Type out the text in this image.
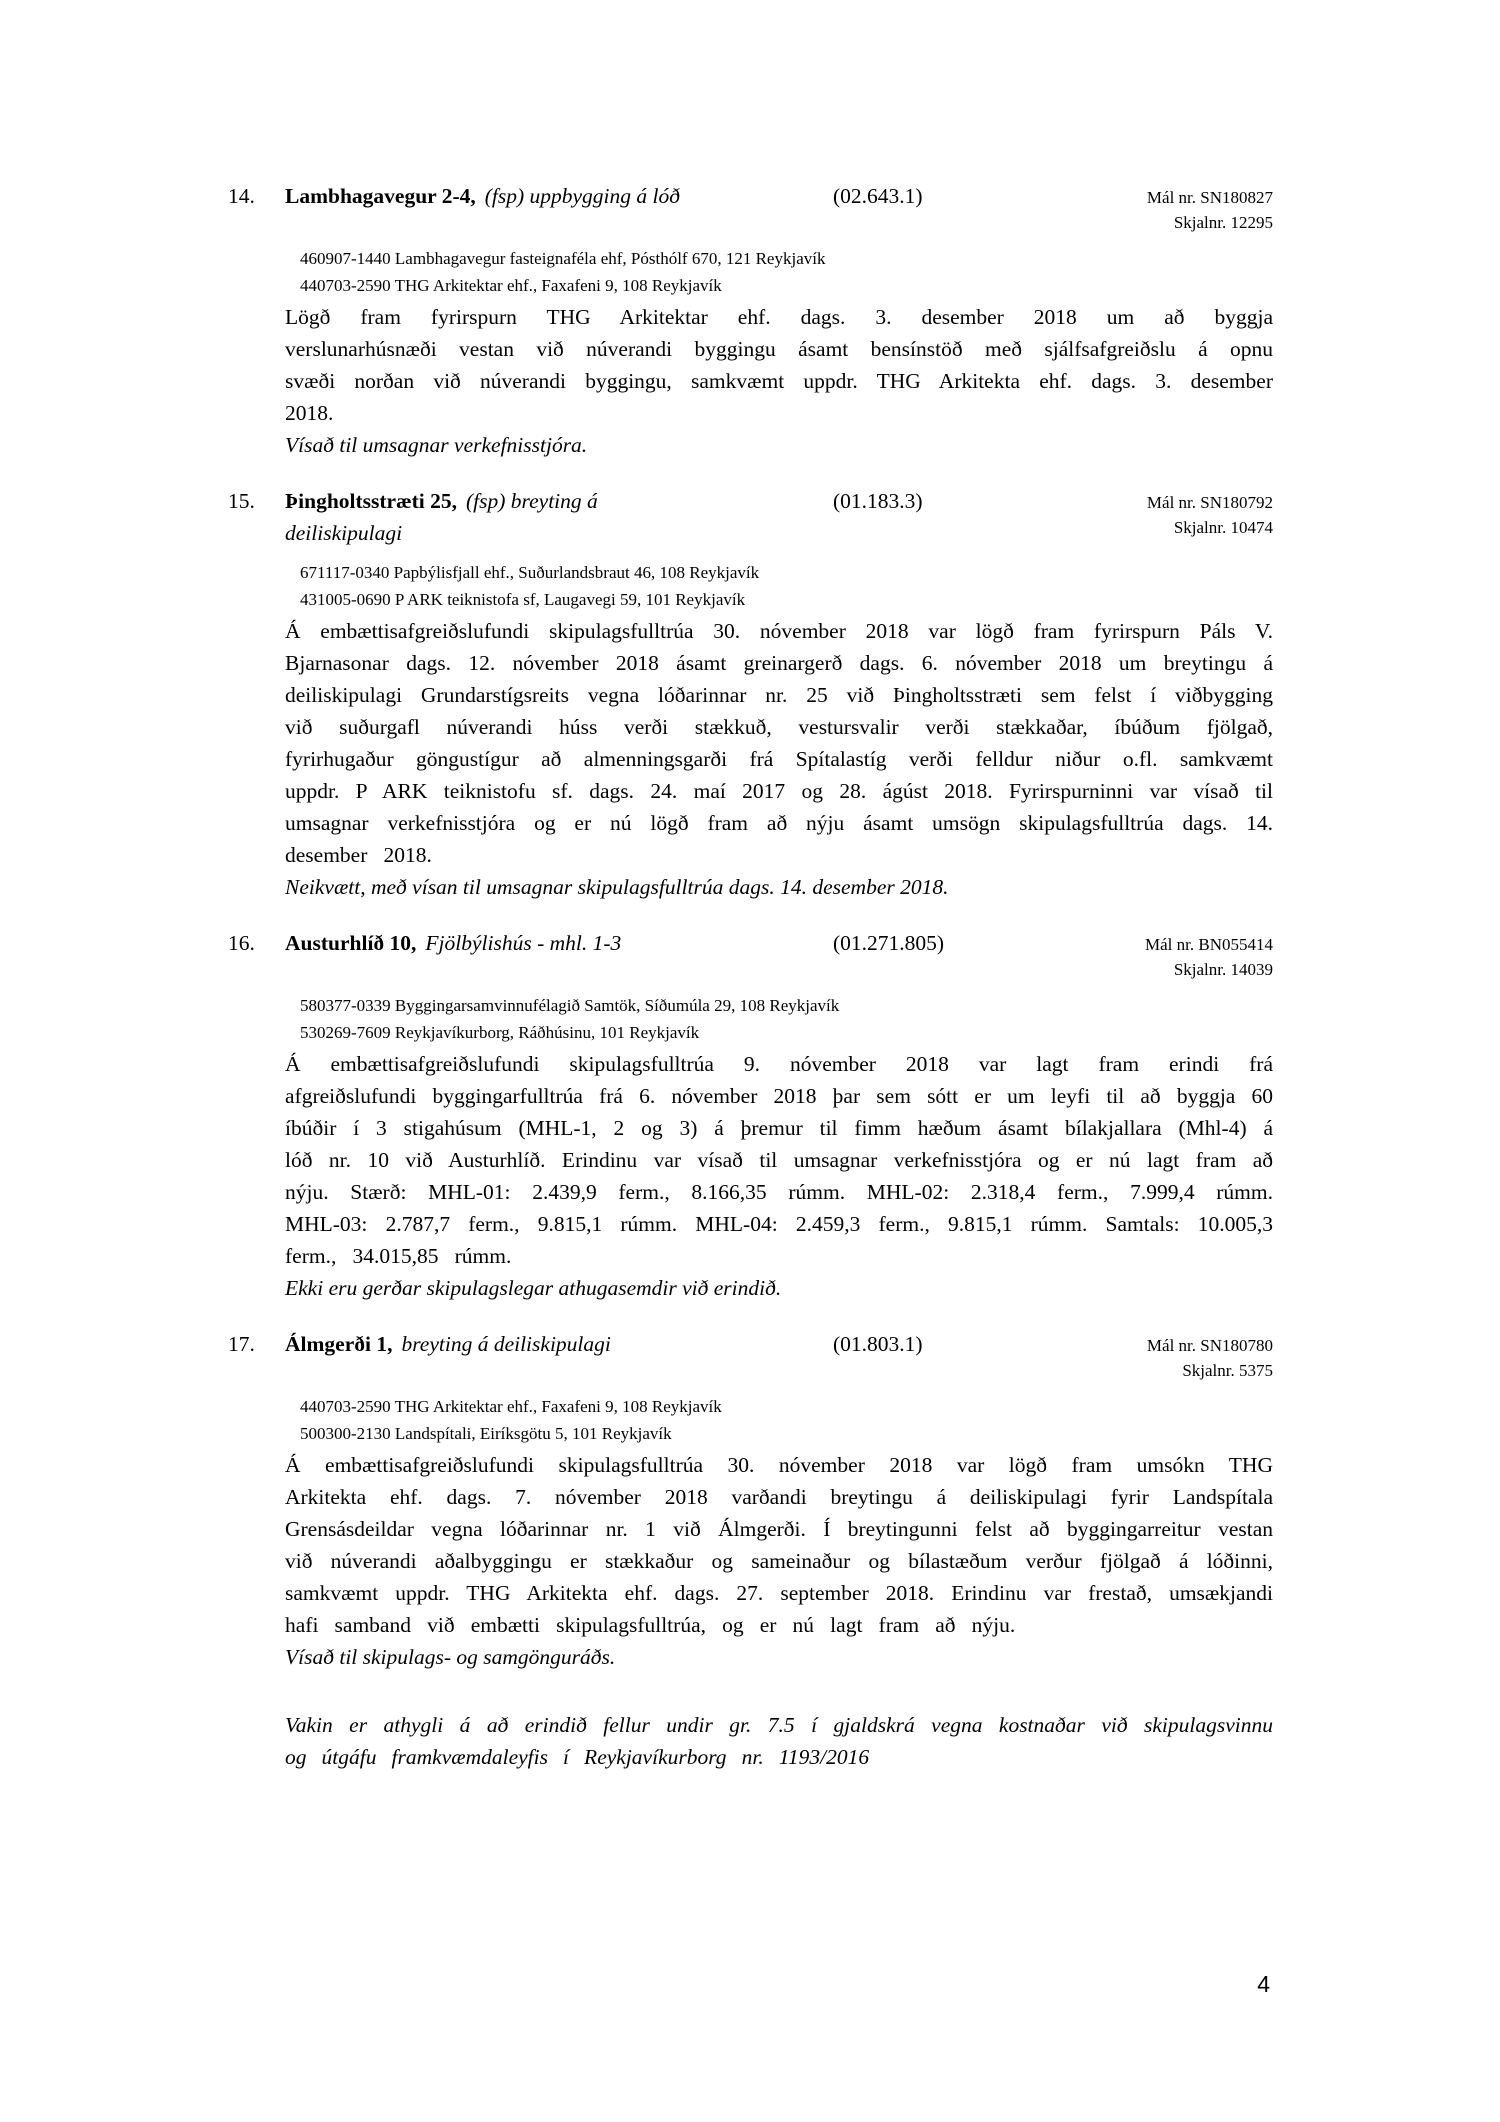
14. Lambhagavegur 2-4, (fsp) uppbygging á lóð	(02.643.1)	Mál nr. SN180827
Skjalnr. 12295
460907-1440 Lambhagavegur fasteignaféla ehf, Pósthólf 670, 121 Reykjavík
440703-2590 THG Arkitektar ehf., Faxafeni 9, 108 Reykjavík

Lögð fram fyrirspurn THG Arkitektar ehf. dags. 3. desember 2018 um að byggja verslunarhúsnæði vestan við núverandi byggingu ásamt bensínstöð með sjálfsafgreiðslu á opnu svæði norðan við núverandi byggingu, samkvæmt uppdr. THG Arkitekta ehf. dags. 3. desember 2018.

Vísað til umsagnar verkefnisstjóra.

15. Þingholtsstræti 25, (fsp) breyting á deiliskipulagi
(01.183.3)	Mál nr. SN180792
Skjalnr. 10474
671117-0340 Papbýlisfjall ehf., Suðurlandsbraut 46, 108 Reykjavík
431005-0690 P ARK teiknistofa sf, Laugavegi 59, 101 Reykjavík

Á embættisafgreiðslufundi skipulagsfulltrúa 30. nóvember 2018 var lögð fram fyrirspurn Páls V. Bjarnasonar dags. 12. nóvember 2018 ásamt greinargerð dags. 6. nóvember 2018 um breytingu á deiliskipulagi Grundarstígsreits vegna lóðarinnar nr. 25 við Þingholtsstræti sem felst í viðbygging við suðurgafl núverandi húss verði stækkuð, vestursvalir verði stækkaðar, íbúðum fjölgað, fyrirhugaður göngustígur að almenningsgarði frá Spítalastíg verði felldur niður o.fl. samkvæmt uppdr. P ARK teiknistofu sf. dags. 24. maí 2017 og 28. ágúst 2018. Fyrirspurninni var vísað til umsagnar verkefnisstjóra og er nú lögð fram að nýju ásamt umsögn skipulagsfulltrúa dags. 14. desember 2018.

Neikvætt, með vísan til umsagnar skipulagsfulltrúa dags. 14. desember 2018.

16. Austurhlíð 10, Fjölbýlishús - mhl. 1-3	(01.271.805)	Mál nr. BN055414
Skjalnr. 14039
580377-0339 Byggingarsamvinnufélagið Samtök, Síðumúla 29, 108 Reykjavík
530269-7609 Reykjavíkurborg, Ráðhúsinu, 101 Reykjavík

Á embættisafgreiðslufundi skipulagsfulltrúa 9. nóvember 2018 var lagt fram erindi frá afgreiðslufundi byggingarfulltrúa frá 6. nóvember 2018 þar sem sótt er um leyfi til að byggja 60 íbúðir í 3 stigahúsum (MHL-1, 2 og 3) á þremur til fimm hæðum ásamt bílakjallara (Mhl-4) á lóð nr. 10 við Austurhlíð. Erindinu var vísað til umsagnar verkefnisstjóra og er nú lagt fram að nýju. Stærð: MHL-01: 2.439,9 ferm., 8.166,35 rúmm. MHL-02: 2.318,4 ferm., 7.999,4 rúmm. MHL-03: 2.787,7 ferm., 9.815,1 rúmm. MHL-04: 2.459,3 ferm., 9.815,1 rúmm. Samtals: 10.005,3 ferm., 34.015,85 rúmm.

Ekki eru gerðar skipulagslegar athugasemdir við erindið.

17. Álmgerði 1, breyting á deiliskipulagi	(01.803.1)	Mál nr. SN180780
Skjalnr. 5375
440703-2590 THG Arkitektar ehf., Faxafeni 9, 108 Reykjavík
500300-2130 Landspítali, Eiríksgötu 5, 101 Reykjavík

Á embættisafgreiðslufundi skipulagsfulltrúa 30. nóvember 2018 var lögð fram umsókn THG Arkitekta ehf. dags. 7. nóvember 2018 varðandi breytingu á deiliskipulagi fyrir Landspítala Grensásdeildar vegna lóðarinnar nr. 1 við Álmgerði. Í breytingunni felst að byggingarreitur vestan við núverandi aðalbyggingu er stækkaður og sameinaður og bílastæðum verður fjölgað á lóðinni, samkvæmt uppdr. THG Arkitekta ehf. dags. 27. september 2018. Erindinu var frestað, umsækjandi hafi samband við embætti skipulagsfulltrúa, og er nú lagt fram að nýju.

Vísað til skipulags- og samgönguráðs.

Vakin er athygli á að erindið fellur undir gr. 7.5 í gjaldskrá vegna kostnaðar við skipulagsvinnu og útgáfu framkvæmdaleyfis í Reykjavíkurborg nr. 1193/2016

4
